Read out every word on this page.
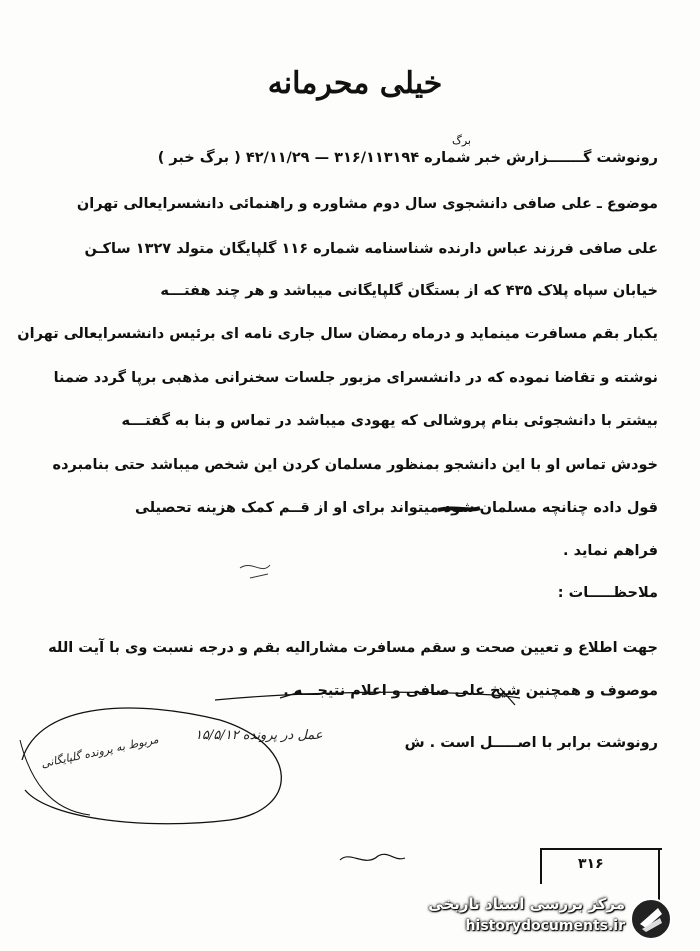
خیلی محرمانه
برگ
رونوشت گـــــــزارش خبر شماره ۳۱۶/۱۱۳۱۹۴ — ۴۲/۱۱/۲۹ ( برگ خبر )
موضوع ـ علی صافی دانشجوی سال دوم مشاوره و راهنمائی دانشسرایعالی تهران
علی صافی فرزند عباس دارنده شناسنامه شماره ۱۱۶ گلپایگان متولد ۱۳۲۷ ساکـن
خیابان سپاه پلاک ۴۳۵ که از بستگان گلپایگانی میباشد و هر چند هفتـــه
یکبار بقم مسافرت مینماید و درماه رمضان سال جاری نامه ای برئیس دانشسرایعالی تهران
نوشته و تقاضا نموده که در دانشسرای مزبور جلسات سخنرانی مذهبی برپا گردد ضمنا
بیشتر با دانشجوئی بنام پروشالی که یهودی میباشد در تماس و بنا به گفتـــه
خودش تماس او با این دانشجو بمنظور مسلمان کردن این شخص میباشد حتی بنامبرده
قول داده چنانچه مسلمان شود میتواند برای او از قــم کمک هزینه تحصیلی
فراهم نماید .
ملاحظـــــات :
جهت اطلاع و تعیین صحت و سقم مسافرت مشارالیه بقم و درجه نسبت وی با آیت الله
موصوف و همچنین شیخ علی صافی و اعلام نتیجـــه .
رونوشت برابر با اصـــــل است . ش
عمل در پرونده ۱۵/۵/۱۲
مربوط به پرونده گلپایگانی
۳۱۶
مرکز بررسی اسناد تاریخی
historydocuments.ir
